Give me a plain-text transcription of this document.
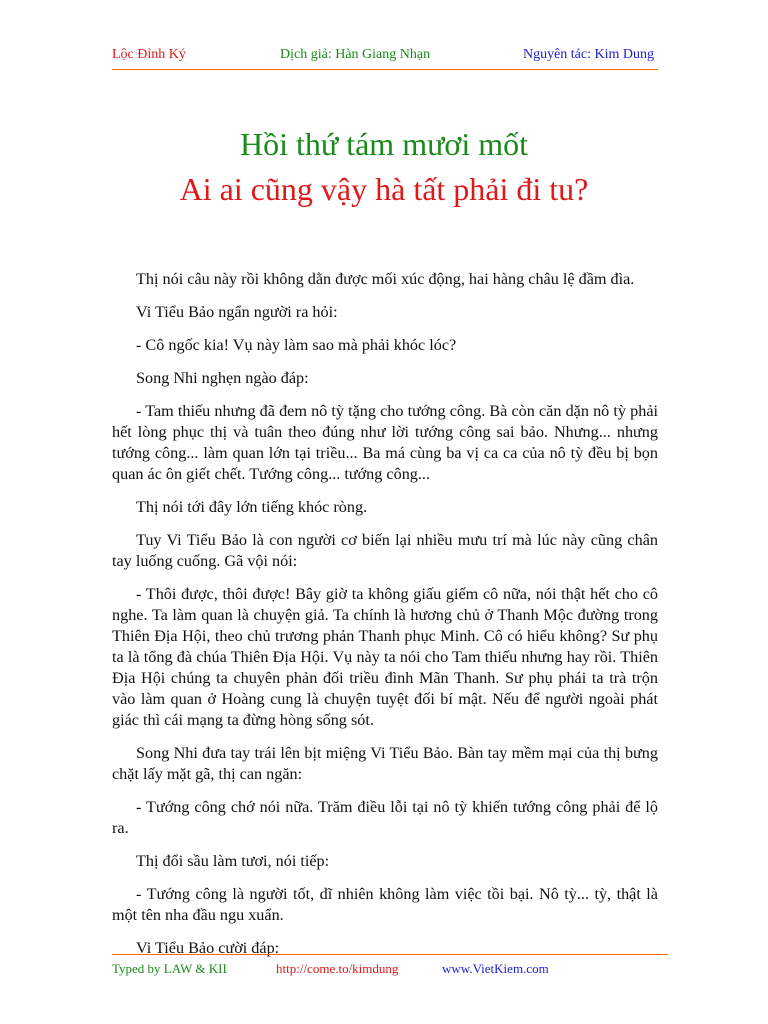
Lộc Đỉnh Ký	Dịch giả: Hàn Giang Nhạn	Nguyên tác: Kim Dung
Hồi thứ tám mươi mốt
Ai ai cũng vậy hà tất phải đi tu?

Thị nói câu này rồi không dằn được mối xúc động, hai hàng châu lệ đầm đìa.

Vi Tiểu Bảo ngẩn người ra hỏi:

- Cô ngốc kia! Vụ này làm sao mà phải khóc lóc?

Song Nhi nghẹn ngào đáp:

- Tam thiếu nhưng đã đem nô tỳ tặng cho tướng công. Bà còn căn dặn nô tỳ phải hết lòng phục thị và tuân theo đúng như lời tướng công sai bảo. Nhưng... nhưng tướng công... làm quan lớn tại triều... Ba má cùng ba vị ca ca của nô tỳ đều bị bọn quan ác ôn giết chết. Tướng công... tướng công...

Thị nói tới đây lớn tiếng khóc ròng.

Tuy Vi Tiểu Bảo là con người cơ biến lại nhiều mưu trí mà lúc này cũng chân tay luống cuống. Gã vội nói:

- Thôi được, thôi được! Bây giờ ta không giấu giếm cô nữa, nói thật hết cho cô nghe. Ta làm quan là chuyện giả. Ta chính là hương chủ ở Thanh Mộc đường trong Thiên Địa Hội, theo chủ trương phản Thanh phục Minh. Cô có hiểu không? Sư phụ ta là tổng đà chúa Thiên Địa Hội. Vụ này ta nói cho Tam thiếu nhưng hay rồi. Thiên Địa Hội chúng ta chuyên phản đối triều đình Mãn Thanh. Sư phụ phái ta trà trộn vào làm quan ở Hoàng cung là chuyện tuyệt đối bí mật. Nếu để người ngoài phát giác thì cái mạng ta đừng hòng sống sót.

Song Nhi đưa tay trái lên bịt miệng Vi Tiểu Bảo. Bàn tay mềm mại của thị bưng chặt lấy mặt gã, thị can ngăn:

- Tướng công chớ nói nữa. Trăm điều lỗi tại nô tỳ khiến tướng công phải để lộ ra.

Thị đổi sầu làm tươi, nói tiếp:

- Tướng công là người tốt, dĩ nhiên không làm việc tồi bại. Nô tỳ... tỳ, thật là một tên nha đầu ngu xuẩn.

Vi Tiểu Bảo cười đáp:

Typed by LAW & KII	http://come.to/kimdung	www.VietKiem.com
